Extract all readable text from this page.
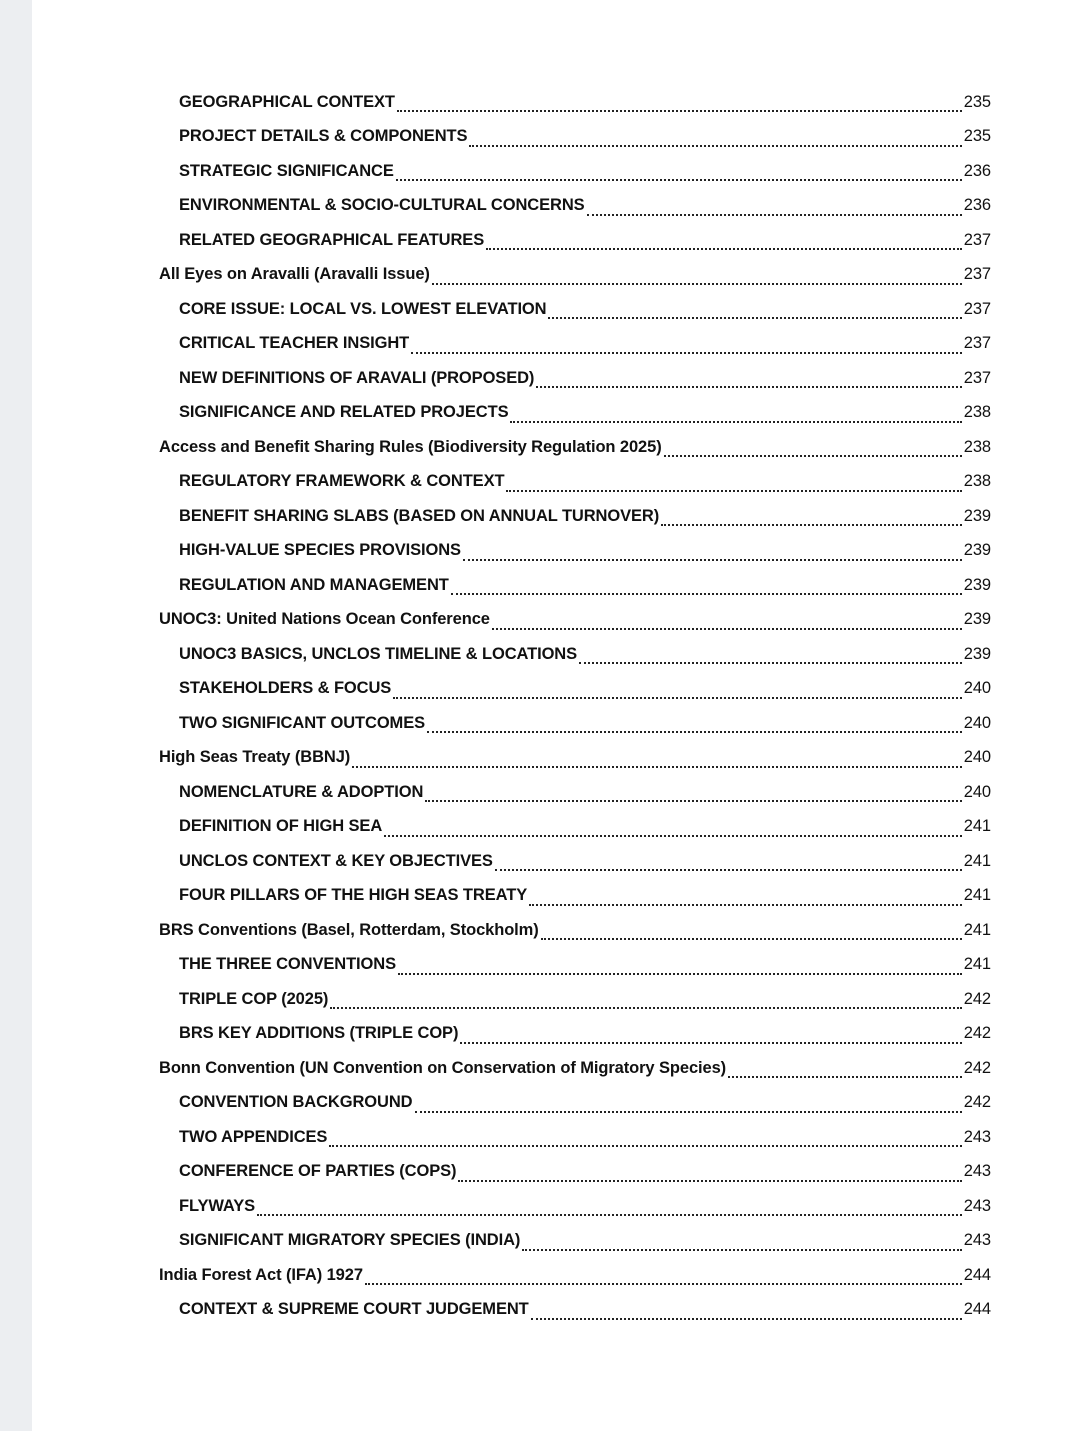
GEOGRAPHICAL CONTEXT	235
PROJECT DETAILS & COMPONENTS	235
STRATEGIC SIGNIFICANCE	236
ENVIRONMENTAL & SOCIO-CULTURAL CONCERNS	236
RELATED GEOGRAPHICAL FEATURES	237
All Eyes on Aravalli (Aravalli Issue)	237
CORE ISSUE: LOCAL VS. LOWEST ELEVATION	237
CRITICAL TEACHER INSIGHT	237
NEW DEFINITIONS OF ARAVALI (PROPOSED)	237
SIGNIFICANCE AND RELATED PROJECTS	238
Access and Benefit Sharing Rules (Biodiversity Regulation 2025)	238
REGULATORY FRAMEWORK & CONTEXT	238
BENEFIT SHARING SLABS (BASED ON ANNUAL TURNOVER)	239
HIGH-VALUE SPECIES PROVISIONS	239
REGULATION AND MANAGEMENT	239
UNOC3: United Nations Ocean Conference	239
UNOC3 BASICS, UNCLOS TIMELINE & LOCATIONS	239
STAKEHOLDERS & FOCUS	240
TWO SIGNIFICANT OUTCOMES	240
High Seas Treaty (BBNJ)	240
NOMENCLATURE & ADOPTION	240
DEFINITION OF HIGH SEA	241
UNCLOS CONTEXT & KEY OBJECTIVES	241
FOUR PILLARS OF THE HIGH SEAS TREATY	241
BRS Conventions (Basel, Rotterdam, Stockholm)	241
THE THREE CONVENTIONS	241
TRIPLE COP (2025)	242
BRS KEY ADDITIONS (TRIPLE COP)	242
Bonn Convention (UN Convention on Conservation of Migratory Species)	242
CONVENTION BACKGROUND	242
TWO APPENDICES	243
CONFERENCE OF PARTIES (COPS)	243
FLYWAYS	243
SIGNIFICANT MIGRATORY SPECIES (INDIA)	243
India Forest Act (IFA) 1927	244
CONTEXT & SUPREME COURT JUDGEMENT	244
